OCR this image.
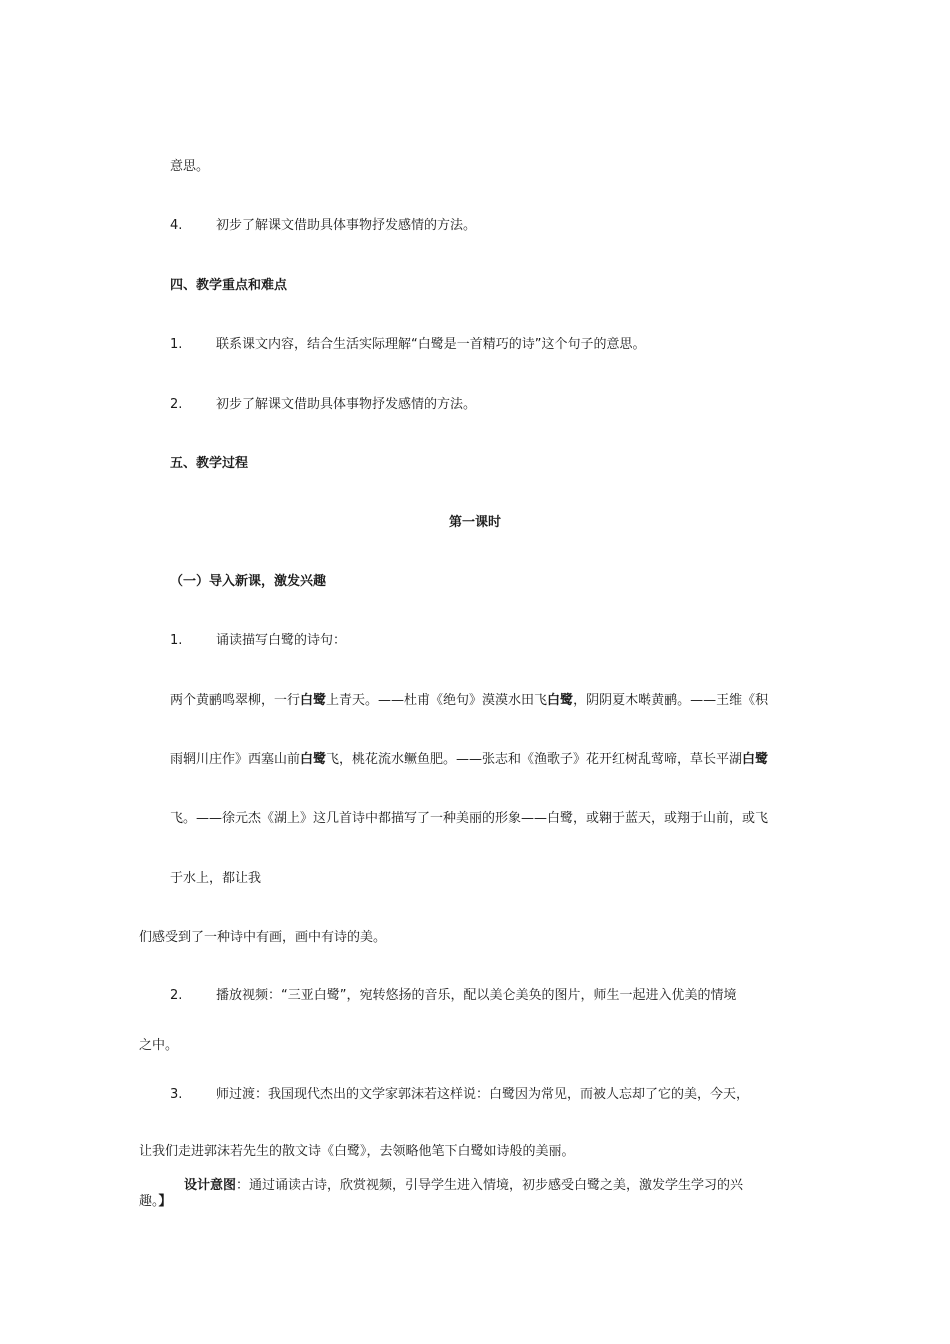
意思。
4.	初步了解课文借助具体事物抒发感情的方法。
四、教学重点和难点
1.	联系课文内容，结合生活实际理解“白鹭是一首精巧的诗”这个句子的意思。
2.	初步了解课文借助具体事物抒发感情的方法。
五、教学过程
第一课时
（一）导入新课，激发兴趣
1.	诵读描写白鹭的诗句：
两个黄鹂鸣翠柳，一行白鹭上青天。——杜甫《绝句》漠漠水田飞白鹭，阴阴夏木啭黄鹂。——王维《积
雨辋川庄作》西塞山前白鹭飞，桃花流水鳜鱼肥。——张志和《渔歌子》花开红树乱莺啼，草长平湖白鹭
飞。——徐元杰《湖上》这几首诗中都描写了一种美丽的形象——白鹭，或翱于蓝天，或翔于山前，或飞
于水上，都让我
们感受到了一种诗中有画，画中有诗的美。
2.	播放视频：“三亚白鹭”，宛转悠扬的音乐，配以美仑美奂的图片，师生一起进入优美的情境
之中。
3.	师过渡：我国现代杰出的文学家郭沫若这样说：白鹭因为常见，而被人忘却了它的美，今天，
让我们走进郭沫若先生的散文诗《白鹭》，去领略他笔下白鹭如诗般的美丽。
设计意图：通过诵读古诗，欣赏视频，引导学生进入情境，初步感受白鹭之美，激发学生学习的兴
趣。】
